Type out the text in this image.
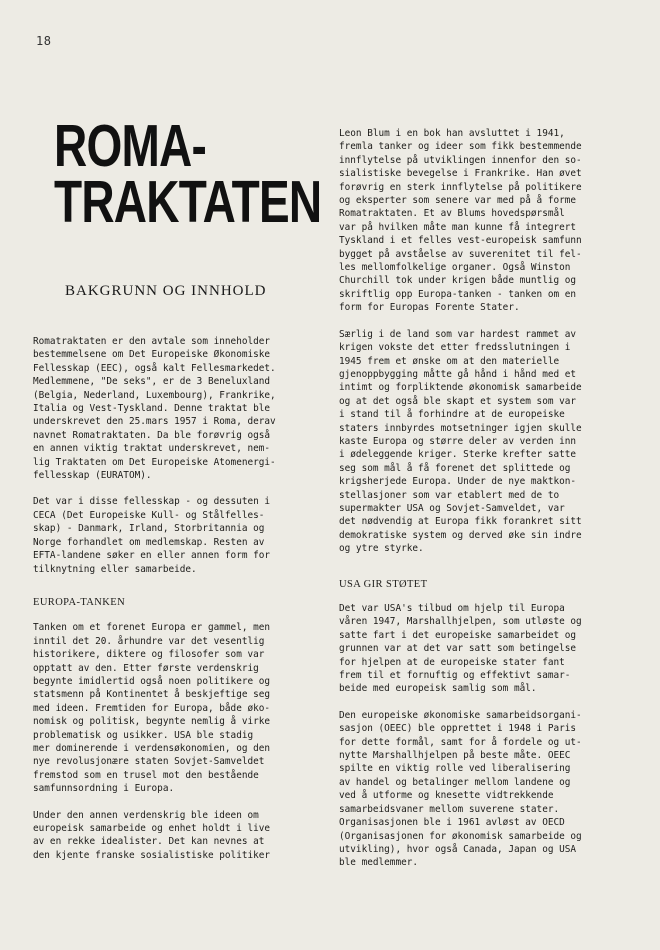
18
ROMA-
TRAKTATEN
BAKGRUNN OG INNHOLD

Romatraktaten er den avtale som inneholder
bestemmelsene om Det Europeiske Økonomiske
Fellesskap (EEC), også kalt Fellesmarkedet.
Medlemmene, "De seks", er de 3 Beneluxland
(Belgia, Nederland, Luxembourg), Frankrike,
Italia og Vest-Tyskland. Denne traktat ble
underskrevet den 25.mars 1957 i Roma, derav
navnet Romatraktaten. Da ble forøvrig også
en annen viktig traktat underskrevet, nem-
lig Traktaten om Det Europeiske Atomenergi-
fellesskap (EURATOM).

Det var i disse fellesskap - og dessuten i
CECA (Det Europeiske Kull- og Stålfelles-
skap) - Danmark, Irland, Storbritannia og
Norge forhandlet om medlemskap. Resten av
EFTA-landene søker en eller annen form for
tilknytning eller samarbeide.

EUROPA-TANKEN

Tanken om et forenet Europa er gammel, men
inntil det 20. århundre var det vesentlig
historikere, diktere og filosofer som var
opptatt av den. Etter første verdenskrig
begynte imidlertid også noen politikere og
statsmenn på Kontinentet å beskjeftige seg
med ideen. Fremtiden for Europa, både øko-
nomisk og politisk, begynte nemlig å virke
problematisk og usikker. USA ble stadig
mer dominerende i verdensøkonomien, og den
nye revolusjonære staten Sovjet-Samveldet
fremstod som en trusel mot den bestående
samfunnsordning i Europa.

Under den annen verdenskrig ble ideen om
europeisk samarbeide og enhet holdt i live
av en rekke idealister. Det kan nevnes at
den kjente franske sosialistiske politiker

Leon Blum i en bok han avsluttet i 1941,
fremla tanker og ideer som fikk bestemmende
innflytelse på utviklingen innenfor den so-
sialistiske bevegelse i Frankrike. Han øvet
forøvrig en sterk innflytelse på politikere
og eksperter som senere var med på å forme
Romatraktaten. Et av Blums hovedspørsmål
var på hvilken måte man kunne få integrert
Tyskland i et felles vest-europeisk samfunn
bygget på avståelse av suverenitet til fel-
les mellomfolkelige organer. Også Winston
Churchill tok under krigen både muntlig og
skriftlig opp Europa-tanken - tanken om en
form for Europas Forente Stater.

Særlig i de land som var hardest rammet av
krigen vokste det etter fredsslutningen i
1945 frem et ønske om at den materielle
gjenoppbygging måtte gå hånd i hånd med et
intimt og forpliktende økonomisk samarbeide
og at det også ble skapt et system som var
i stand til å forhindre at de europeiske
staters innbyrdes motsetninger igjen skulle
kaste Europa og større deler av verden inn
i ødeleggende kriger. Sterke krefter satte
seg som mål å få forenet det splittede og
krigsherjede Europa. Under de nye maktkon-
stellasjoner som var etablert med de to
supermakter USA og Sovjet-Samveldet, var
det nødvendig at Europa fikk forankret sitt
demokratiske system og derved øke sin indre
og ytre styrke.

USA GIR STØTET

Det var USA's tilbud om hjelp til Europa
våren 1947, Marshallhjelpen, som utløste og
satte fart i det europeiske samarbeidet og
grunnen var at det var satt som betingelse
for hjelpen at de europeiske stater fant
frem til et fornuftig og effektivt samar-
beide med europeisk samlig som mål.

Den europeiske økonomiske samarbeidsorgani-
sasjon (OEEC) ble opprettet i 1948 i Paris
for dette formål, samt for å fordele og ut-
nytte Marshallhjelpen på beste måte. OEEC
spilte en viktig rolle ved liberalisering
av handel og betalinger mellom landene og
ved å utforme og knesette vidtrekkende
samarbeidsvaner mellom suverene stater.
Organisasjonen ble i 1961 avløst av OECD
(Organisasjonen for økonomisk samarbeide og
utvikling), hvor også Canada, Japan og USA
ble medlemmer.
